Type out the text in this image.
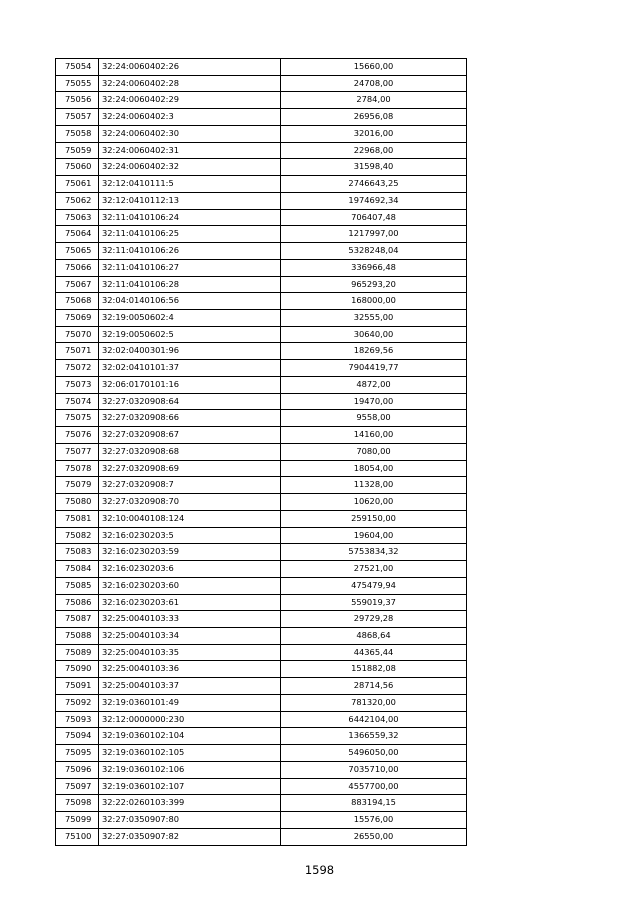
75054	32:24:0060402:26	15660,00
75055	32:24:0060402:28	24708,00
75056	32:24:0060402:29	2784,00
75057	32:24:0060402:3	26956,08
75058	32:24:0060402:30	32016,00
75059	32:24:0060402:31	22968,00
75060	32:24:0060402:32	31598,40
75061	32:12:0410111:5	2746643,25
75062	32:12:0410112:13	1974692,34
75063	32:11:0410106:24	706407,48
75064	32:11:0410106:25	1217997,00
75065	32:11:0410106:26	5328248,04
75066	32:11:0410106:27	336966,48
75067	32:11:0410106:28	965293,20
75068	32:04:0140106:56	168000,00
75069	32:19:0050602:4	32555,00
75070	32:19:0050602:5	30640,00
75071	32:02:0400301:96	18269,56
75072	32:02:0410101:37	7904419,77
75073	32:06:0170101:16	4872,00
75074	32:27:0320908:64	19470,00
75075	32:27:0320908:66	9558,00
75076	32:27:0320908:67	14160,00
75077	32:27:0320908:68	7080,00
75078	32:27:0320908:69	18054,00
75079	32:27:0320908:7	11328,00
75080	32:27:0320908:70	10620,00
75081	32:10:0040108:124	259150,00
75082	32:16:0230203:5	19604,00
75083	32:16:0230203:59	5753834,32
75084	32:16:0230203:6	27521,00
75085	32:16:0230203:60	475479,94
75086	32:16:0230203:61	559019,37
75087	32:25:0040103:33	29729,28
75088	32:25:0040103:34	4868,64
75089	32:25:0040103:35	44365,44
75090	32:25:0040103:36	151882,08
75091	32:25:0040103:37	28714,56
75092	32:19:0360101:49	781320,00
75093	32:12:0000000:230	6442104,00
75094	32:19:0360102:104	1366559,32
75095	32:19:0360102:105	5496050,00
75096	32:19:0360102:106	7035710,00
75097	32:19:0360102:107	4557700,00
75098	32:22:0260103:399	883194,15
75099	32:27:0350907:80	15576,00
75100	32:27:0350907:82	26550,00
1598
